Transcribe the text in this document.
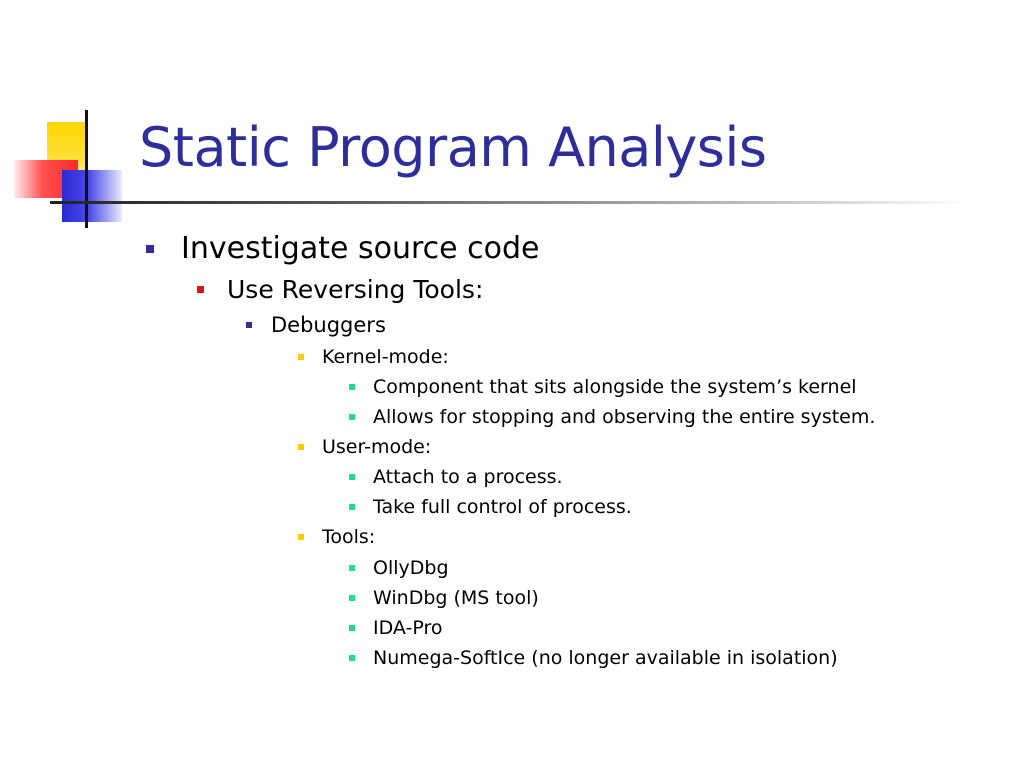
Static Program Analysis
Investigate source code
Use Reversing Tools:
Debuggers
Kernel-mode:
Component that sits alongside the system’s kernel
Allows for stopping and observing the entire system.
User-mode:
Attach to a process.
Take full control of process.
Tools:
OllyDbg
WinDbg (MS tool)
IDA-Pro
Numega-SoftIce (no longer available in isolation)
